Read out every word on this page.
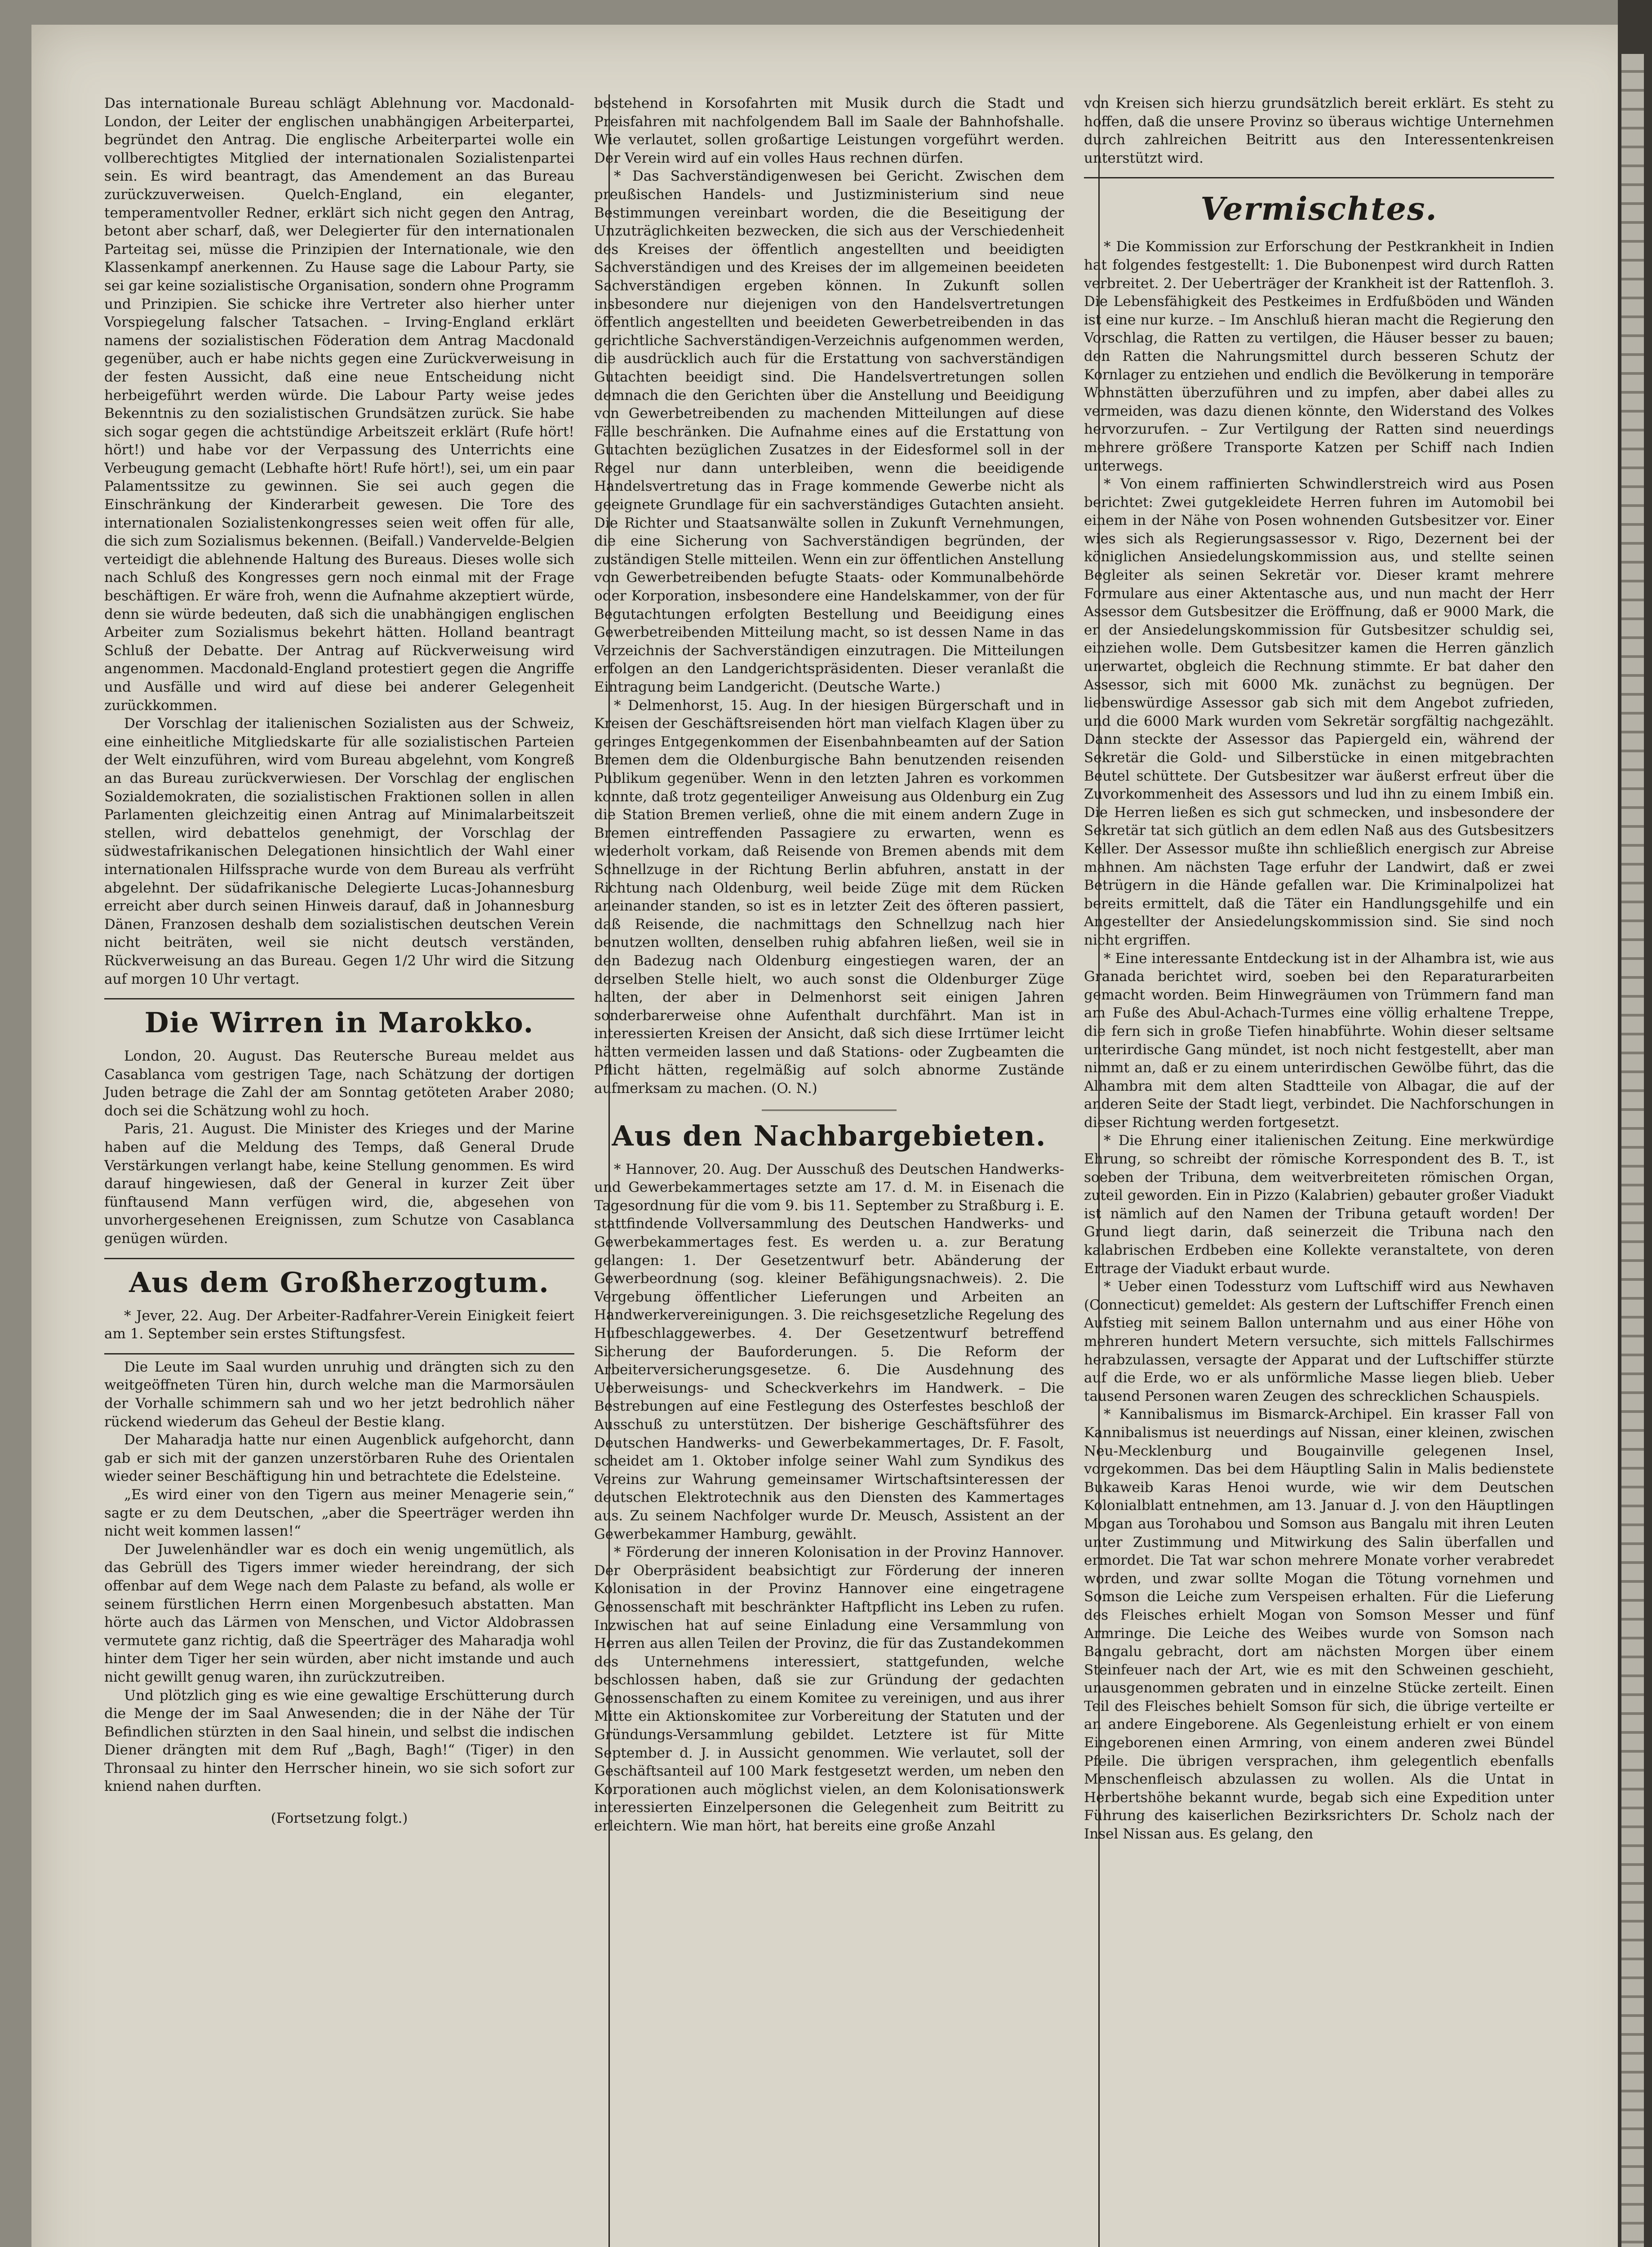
Das internationale Bureau schlägt Ablehnung vor. Macdonald-London, der Leiter der englischen unabhängigen Arbeiterpartei, begründet den Antrag. Die englische Arbeiterpartei wolle ein vollberechtigtes Mitglied der internationalen Sozialistenpartei sein. Es wird beantragt, das Amendement an das Bureau zurückzuverweisen. Quelch-England, ein eleganter, temperamentvoller Redner, erklärt sich nicht gegen den Antrag, betont aber scharf, daß, wer Delegierter für den internationalen Parteitag sei, müsse die Prinzipien der Internationale, wie den Klassenkampf anerkennen. Zu Hause sage die Labour Party, sie sei gar keine sozialistische Organisation, sondern ohne Programm und Prinzipien. Sie schicke ihre Vertreter also hierher unter Vorspiegelung falscher Tatsachen. – Irving-England erklärt namens der sozialistischen Föderation dem Antrag Macdonald gegenüber, auch er habe nichts gegen eine Zurückverweisung in der festen Aussicht, daß eine neue Entscheidung nicht herbeigeführt werden würde. Die Labour Party weise jedes Bekenntnis zu den sozialistischen Grundsätzen zurück. Sie habe sich sogar gegen die achtstündige Arbeitszeit erklärt (Rufe hört! hört!) und habe vor der Verpassung des Unterrichts eine Verbeugung gemacht (Lebhafte hört! Rufe hört!), sei, um ein paar Palamentssitze zu gewinnen. Sie sei auch gegen die Einschränkung der Kinderarbeit gewesen. Die Tore des internationalen Sozialistenkongresses seien weit offen für alle, die sich zum Sozialismus bekennen. (Beifall.) Vandervelde-Belgien verteidigt die ablehnende Haltung des Bureaus. Dieses wolle sich nach Schluß des Kongresses gern noch einmal mit der Frage beschäftigen. Er wäre froh, wenn die Aufnahme akzeptiert würde, denn sie würde bedeuten, daß sich die unabhängigen englischen Arbeiter zum Sozialismus bekehrt hätten. Holland beantragt Schluß der Debatte. Der Antrag auf Rückverweisung wird angenommen. Macdonald-England protestiert gegen die Angriffe und Ausfälle und wird auf diese bei anderer Gelegenheit zurückkommen.

Der Vorschlag der italienischen Sozialisten aus der Schweiz, eine einheitliche Mitgliedskarte für alle sozialistischen Parteien der Welt einzuführen, wird vom Bureau abgelehnt, vom Kongreß an das Bureau zurückverwiesen. Der Vorschlag der englischen Sozialdemokraten, die sozialistischen Fraktionen sollen in allen Parlamenten gleichzeitig einen Antrag auf Minimalarbeitszeit stellen, wird debattelos genehmigt, der Vorschlag der südwestafrikanischen Delegationen hinsichtlich der Wahl einer internationalen Hilfssprache wurde von dem Bureau als verfrüht abgelehnt. Der südafrikanische Delegierte Lucas-Johannesburg erreicht aber durch seinen Hinweis darauf, daß in Johannesburg Dänen, Franzosen deshalb dem sozialistischen deutschen Verein nicht beiträten, weil sie nicht deutsch verständen, Rückverweisung an das Bureau. Gegen 1/2 Uhr wird die Sitzung auf morgen 10 Uhr vertagt.

Die Wirren in Marokko.

London, 20. August. Das Reutersche Bureau meldet aus Casablanca vom gestrigen Tage, nach Schätzung der dortigen Juden betrage die Zahl der am Sonntag getöteten Araber 2080; doch sei die Schätzung wohl zu hoch.

Paris, 21. August. Die Minister des Krieges und der Marine haben auf die Meldung des Temps, daß General Drude Verstärkungen verlangt habe, keine Stellung genommen. Es wird darauf hingewiesen, daß der General in kurzer Zeit über fünftausend Mann verfügen wird, die, abgesehen von unvorhergesehenen Ereignissen, zum Schutze von Casablanca genügen würden.

Aus dem Großherzogtum.

* Jever, 22. Aug. Der Arbeiter-Radfahrer-Verein Einigkeit feiert am 1. September sein erstes Stiftungsfest.

Die Leute im Saal wurden unruhig und drängten sich zu den weitgeöffneten Türen hin, durch welche man die Marmorsäulen der Vorhalle schimmern sah und wo her jetzt bedrohlich näher rückend wiederum das Geheul der Bestie klang.

Der Maharadja hatte nur einen Augenblick aufgehorcht, dann gab er sich mit der ganzen unzerstörbaren Ruhe des Orientalen wieder seiner Beschäftigung hin und betrachtete die Edelsteine.

„Es wird einer von den Tigern aus meiner Menagerie sein,“ sagte er zu dem Deutschen, „aber die Speerträger werden ihn nicht weit kommen lassen!“

Der Juwelenhändler war es doch ein wenig ungemütlich, als das Gebrüll des Tigers immer wieder hereindrang, der sich offenbar auf dem Wege nach dem Palaste zu befand, als wolle er seinem fürstlichen Herrn einen Morgenbesuch abstatten. Man hörte auch das Lärmen von Menschen, und Victor Aldobrassen vermutete ganz richtig, daß die Speerträger des Maharadja wohl hinter dem Tiger her sein würden, aber nicht imstande und auch nicht gewillt genug waren, ihn zurückzutreiben.

Und plötzlich ging es wie eine gewaltige Erschütterung durch die Menge der im Saal Anwesenden; die in der Nähe der Tür Befindlichen stürzten in den Saal hinein, und selbst die indischen Diener drängten mit dem Ruf „Bagh, Bagh!“ (Tiger) in den Thronsaal zu hinter den Herrscher hinein, wo sie sich sofort zur kniend nahen durften.

(Fortsetzung folgt.)

bestehend in Korsofahrten mit Musik durch die Stadt und Preisfahren mit nachfolgendem Ball im Saale der Bahnhofshalle. Wie verlautet, sollen großartige Leistungen vorgeführt werden. Der Verein wird auf ein volles Haus rechnen dürfen.

* Das Sachverständigenwesen bei Gericht. Zwischen dem preußischen Handels- und Justizministerium sind neue Bestimmungen vereinbart worden, die die Beseitigung der Unzuträglichkeiten bezwecken, die sich aus der Verschiedenheit des Kreises der öffentlich angestellten und beeidigten Sachverständigen und des Kreises der im allgemeinen beeideten Sachverständigen ergeben können. In Zukunft sollen insbesondere nur diejenigen von den Handelsvertretungen öffentlich angestellten und beeideten Gewerbetreibenden in das gerichtliche Sachverständigen-Verzeichnis aufgenommen werden, die ausdrücklich auch für die Erstattung von sachverständigen Gutachten beeidigt sind. Die Handelsvertretungen sollen demnach die den Gerichten über die Anstellung und Beeidigung von Gewerbetreibenden zu machenden Mitteilungen auf diese Fälle beschränken. Die Aufnahme eines auf die Erstattung von Gutachten bezüglichen Zusatzes in der Eidesformel soll in der Regel nur dann unterbleiben, wenn die beeidigende Handelsvertretung das in Frage kommende Gewerbe nicht als geeignete Grundlage für ein sachverständiges Gutachten ansieht. Die Richter und Staatsanwälte sollen in Zukunft Vernehmungen, die eine Sicherung von Sachverständigen begründen, der zuständigen Stelle mitteilen. Wenn ein zur öffentlichen Anstellung von Gewerbetreibenden befugte Staats- oder Kommunalbehörde oder Korporation, insbesondere eine Handelskammer, von der für Begutachtungen erfolgten Bestellung und Beeidigung eines Gewerbetreibenden Mitteilung macht, so ist dessen Name in das Verzeichnis der Sachverständigen einzutragen. Die Mitteilungen erfolgen an den Landgerichtspräsidenten. Dieser veranlaßt die Eintragung beim Landgericht. (Deutsche Warte.)

* Delmenhorst, 15. Aug. In der hiesigen Bürgerschaft und in Kreisen der Geschäftsreisenden hört man vielfach Klagen über zu geringes Entgegenkommen der Eisenbahnbeamten auf der Sation Bremen dem die Oldenburgische Bahn benutzenden reisenden Publikum gegenüber. Wenn in den letzten Jahren es vorkommen konnte, daß trotz gegenteiliger Anweisung aus Oldenburg ein Zug die Station Bremen verließ, ohne die mit einem andern Zuge in Bremen eintreffenden Passagiere zu erwarten, wenn es wiederholt vorkam, daß Reisende von Bremen abends mit dem Schnellzuge in der Richtung Berlin abfuhren, anstatt in der Richtung nach Oldenburg, weil beide Züge mit dem Rücken aneinander standen, so ist es in letzter Zeit des öfteren passiert, daß Reisende, die nachmittags den Schnellzug nach hier benutzen wollten, denselben ruhig abfahren ließen, weil sie in den Badezug nach Oldenburg eingestiegen waren, der an derselben Stelle hielt, wo auch sonst die Oldenburger Züge halten, der aber in Delmenhorst seit einigen Jahren sonderbarerweise ohne Aufenthalt durchfährt. Man ist in interessierten Kreisen der Ansicht, daß sich diese Irrtümer leicht hätten vermeiden lassen und daß Stations- oder Zugbeamten die Pflicht hätten, regelmäßig auf solch abnorme Zustände aufmerksam zu machen. (O. N.)

Aus den Nachbargebieten.

* Hannover, 20. Aug. Der Ausschuß des Deutschen Handwerks- und Gewerbekammertages setzte am 17. d. M. in Eisenach die Tagesordnung für die vom 9. bis 11. September zu Straßburg i. E. stattfindende Vollversammlung des Deutschen Handwerks- und Gewerbekammertages fest. Es werden u. a. zur Beratung gelangen: 1. Der Gesetzentwurf betr. Abänderung der Gewerbeordnung (sog. kleiner Befähigungsnachweis). 2. Die Vergebung öffentlicher Lieferungen und Arbeiten an Handwerkervereinigungen. 3. Die reichsgesetzliche Regelung des Hufbeschlaggewerbes. 4. Der Gesetzentwurf betreffend Sicherung der Bauforderungen. 5. Die Reform der Arbeiterversicherungsgesetze. 6. Die Ausdehnung des Ueberweisungs- und Scheckverkehrs im Handwerk. – Die Bestrebungen auf eine Festlegung des Osterfestes beschloß der Ausschuß zu unterstützen. Der bisherige Geschäftsführer des Deutschen Handwerks- und Gewerbekammertages, Dr. F. Fasolt, scheidet am 1. Oktober infolge seiner Wahl zum Syndikus des Vereins zur Wahrung gemeinsamer Wirtschaftsinteressen der deutschen Elektrotechnik aus den Diensten des Kammertages aus. Zu seinem Nachfolger wurde Dr. Meusch, Assistent an der Gewerbekammer Hamburg, gewählt.

* Förderung der inneren Kolonisation in der Provinz Hannover. Der Oberpräsident beabsichtigt zur Förderung der inneren Kolonisation in der Provinz Hannover eine eingetragene Genossenschaft mit beschränkter Haftpflicht ins Leben zu rufen. Inzwischen hat auf seine Einladung eine Versammlung von Herren aus allen Teilen der Provinz, die für das Zustandekommen des Unternehmens interessiert, stattgefunden, welche beschlossen haben, daß sie zur Gründung der gedachten Genossenschaften zu einem Komitee zu vereinigen, und aus ihrer Mitte ein Aktionskomitee zur Vorbereitung der Statuten und der Gründungs-Versammlung gebildet. Letztere ist für Mitte September d. J. in Aussicht genommen. Wie verlautet, soll der Geschäftsanteil auf 100 Mark festgesetzt werden, um neben den Korporationen auch möglichst vielen, an dem Kolonisationswerk interessierten Einzelpersonen die Gelegenheit zum Beitritt zu erleichtern. Wie man hört, hat bereits eine große Anzahl

von Kreisen sich hierzu grundsätzlich bereit erklärt. Es steht zu hoffen, daß die unsere Provinz so überaus wichtige Unternehmen durch zahlreichen Beitritt aus den Interessentenkreisen unterstützt wird.

Vermischtes.

* Die Kommission zur Erforschung der Pestkrankheit in Indien hat folgendes festgestellt: 1. Die Bubonenpest wird durch Ratten verbreitet. 2. Der Ueberträger der Krankheit ist der Rattenfloh. 3. Die Lebensfähigkeit des Pestkeimes in Erdfußböden und Wänden ist eine nur kurze. – Im Anschluß hieran macht die Regierung den Vorschlag, die Ratten zu vertilgen, die Häuser besser zu bauen; den Ratten die Nahrungsmittel durch besseren Schutz der Kornlager zu entziehen und endlich die Bevölkerung in temporäre Wohnstätten überzuführen und zu impfen, aber dabei alles zu vermeiden, was dazu dienen könnte, den Widerstand des Volkes hervorzurufen. – Zur Vertilgung der Ratten sind neuerdings mehrere größere Transporte Katzen per Schiff nach Indien unterwegs.

* Von einem raffinierten Schwindlerstreich wird aus Posen berichtet: Zwei gutgekleidete Herren fuhren im Automobil bei einem in der Nähe von Posen wohnenden Gutsbesitzer vor. Einer wies sich als Regierungsassessor v. Rigo, Dezernent bei der königlichen Ansiedelungskommission aus, und stellte seinen Begleiter als seinen Sekretär vor. Dieser kramt mehrere Formulare aus einer Aktentasche aus, und nun macht der Herr Assessor dem Gutsbesitzer die Eröffnung, daß er 9000 Mark, die er der Ansiedelungskommission für Gutsbesitzer schuldig sei, einziehen wolle. Dem Gutsbesitzer kamen die Herren gänzlich unerwartet, obgleich die Rechnung stimmte. Er bat daher den Assessor, sich mit 6000 Mk. zunächst zu begnügen. Der liebenswürdige Assessor gab sich mit dem Angebot zufrieden, und die 6000 Mark wurden vom Sekretär sorgfältig nachgezählt. Dann steckte der Assessor das Papiergeld ein, während der Sekretär die Gold- und Silberstücke in einen mitgebrachten Beutel schüttete. Der Gutsbesitzer war äußerst erfreut über die Zuvorkommenheit des Assessors und lud ihn zu einem Imbiß ein. Die Herren ließen es sich gut schmecken, und insbesondere der Sekretär tat sich gütlich an dem edlen Naß aus des Gutsbesitzers Keller. Der Assessor mußte ihn schließlich energisch zur Abreise mahnen. Am nächsten Tage erfuhr der Landwirt, daß er zwei Betrügern in die Hände gefallen war. Die Kriminalpolizei hat bereits ermittelt, daß die Täter ein Handlungsgehilfe und ein Angestellter der Ansiedelungskommission sind. Sie sind noch nicht ergriffen.

* Eine interessante Entdeckung ist in der Alhambra ist, wie aus Granada berichtet wird, soeben bei den Reparaturarbeiten gemacht worden. Beim Hinwegräumen von Trümmern fand man am Fuße des Abul-Achach-Turmes eine völlig erhaltene Treppe, die fern sich in große Tiefen hinabführte. Wohin dieser seltsame unterirdische Gang mündet, ist noch nicht festgestellt, aber man nimmt an, daß er zu einem unterirdischen Gewölbe führt, das die Alhambra mit dem alten Stadtteile von Albagar, die auf der anderen Seite der Stadt liegt, verbindet. Die Nachforschungen in dieser Richtung werden fortgesetzt.

* Die Ehrung einer italienischen Zeitung. Eine merkwürdige Ehrung, so schreibt der römische Korrespondent des B. T., ist soeben der Tribuna, dem weitverbreiteten römischen Organ, zuteil geworden. Ein in Pizzo (Kalabrien) gebauter großer Viadukt ist nämlich auf den Namen der Tribuna getauft worden! Der Grund liegt darin, daß seinerzeit die Tribuna nach den kalabrischen Erdbeben eine Kollekte veranstaltete, von deren Ertrage der Viadukt erbaut wurde.

* Ueber einen Todessturz vom Luftschiff wird aus Newhaven (Connecticut) gemeldet: Als gestern der Luftschiffer French einen Aufstieg mit seinem Ballon unternahm und aus einer Höhe von mehreren hundert Metern versuchte, sich mittels Fallschirmes herabzulassen, versagte der Apparat und der Luftschiffer stürzte auf die Erde, wo er als unförmliche Masse liegen blieb. Ueber tausend Personen waren Zeugen des schrecklichen Schauspiels.

* Kannibalismus im Bismarck-Archipel. Ein krasser Fall von Kannibalismus ist neuerdings auf Nissan, einer kleinen, zwischen Neu-Mecklenburg und Bougainville gelegenen Insel, vorgekommen. Das bei dem Häuptling Salin in Malis bedienstete Bukaweib Karas Henoi wurde, wie wir dem Deutschen Kolonialblatt entnehmen, am 13. Januar d. J. von den Häuptlingen Mogan aus Torohabou und Somson aus Bangalu mit ihren Leuten unter Zustimmung und Mitwirkung des Salin überfallen und ermordet. Die Tat war schon mehrere Monate vorher verabredet worden, und zwar sollte Mogan die Tötung vornehmen und Somson die Leiche zum Verspeisen erhalten. Für die Lieferung des Fleisches erhielt Mogan von Somson Messer und fünf Armringe. Die Leiche des Weibes wurde von Somson nach Bangalu gebracht, dort am nächsten Morgen über einem Steinfeuer nach der Art, wie es mit den Schweinen geschieht, unausgenommen gebraten und in einzelne Stücke zerteilt. Einen Teil des Fleisches behielt Somson für sich, die übrige verteilte er an andere Eingeborene. Als Gegenleistung erhielt er von einem Eingeborenen einen Armring, von einem anderen zwei Bündel Pfeile. Die übrigen versprachen, ihm gelegentlich ebenfalls Menschenfleisch abzulassen zu wollen. Als die Untat in Herbertshöhe bekannt wurde, begab sich eine Expedition unter Führung des kaiserlichen Bezirksrichters Dr. Scholz nach der Insel Nissan aus. Es gelang, den
